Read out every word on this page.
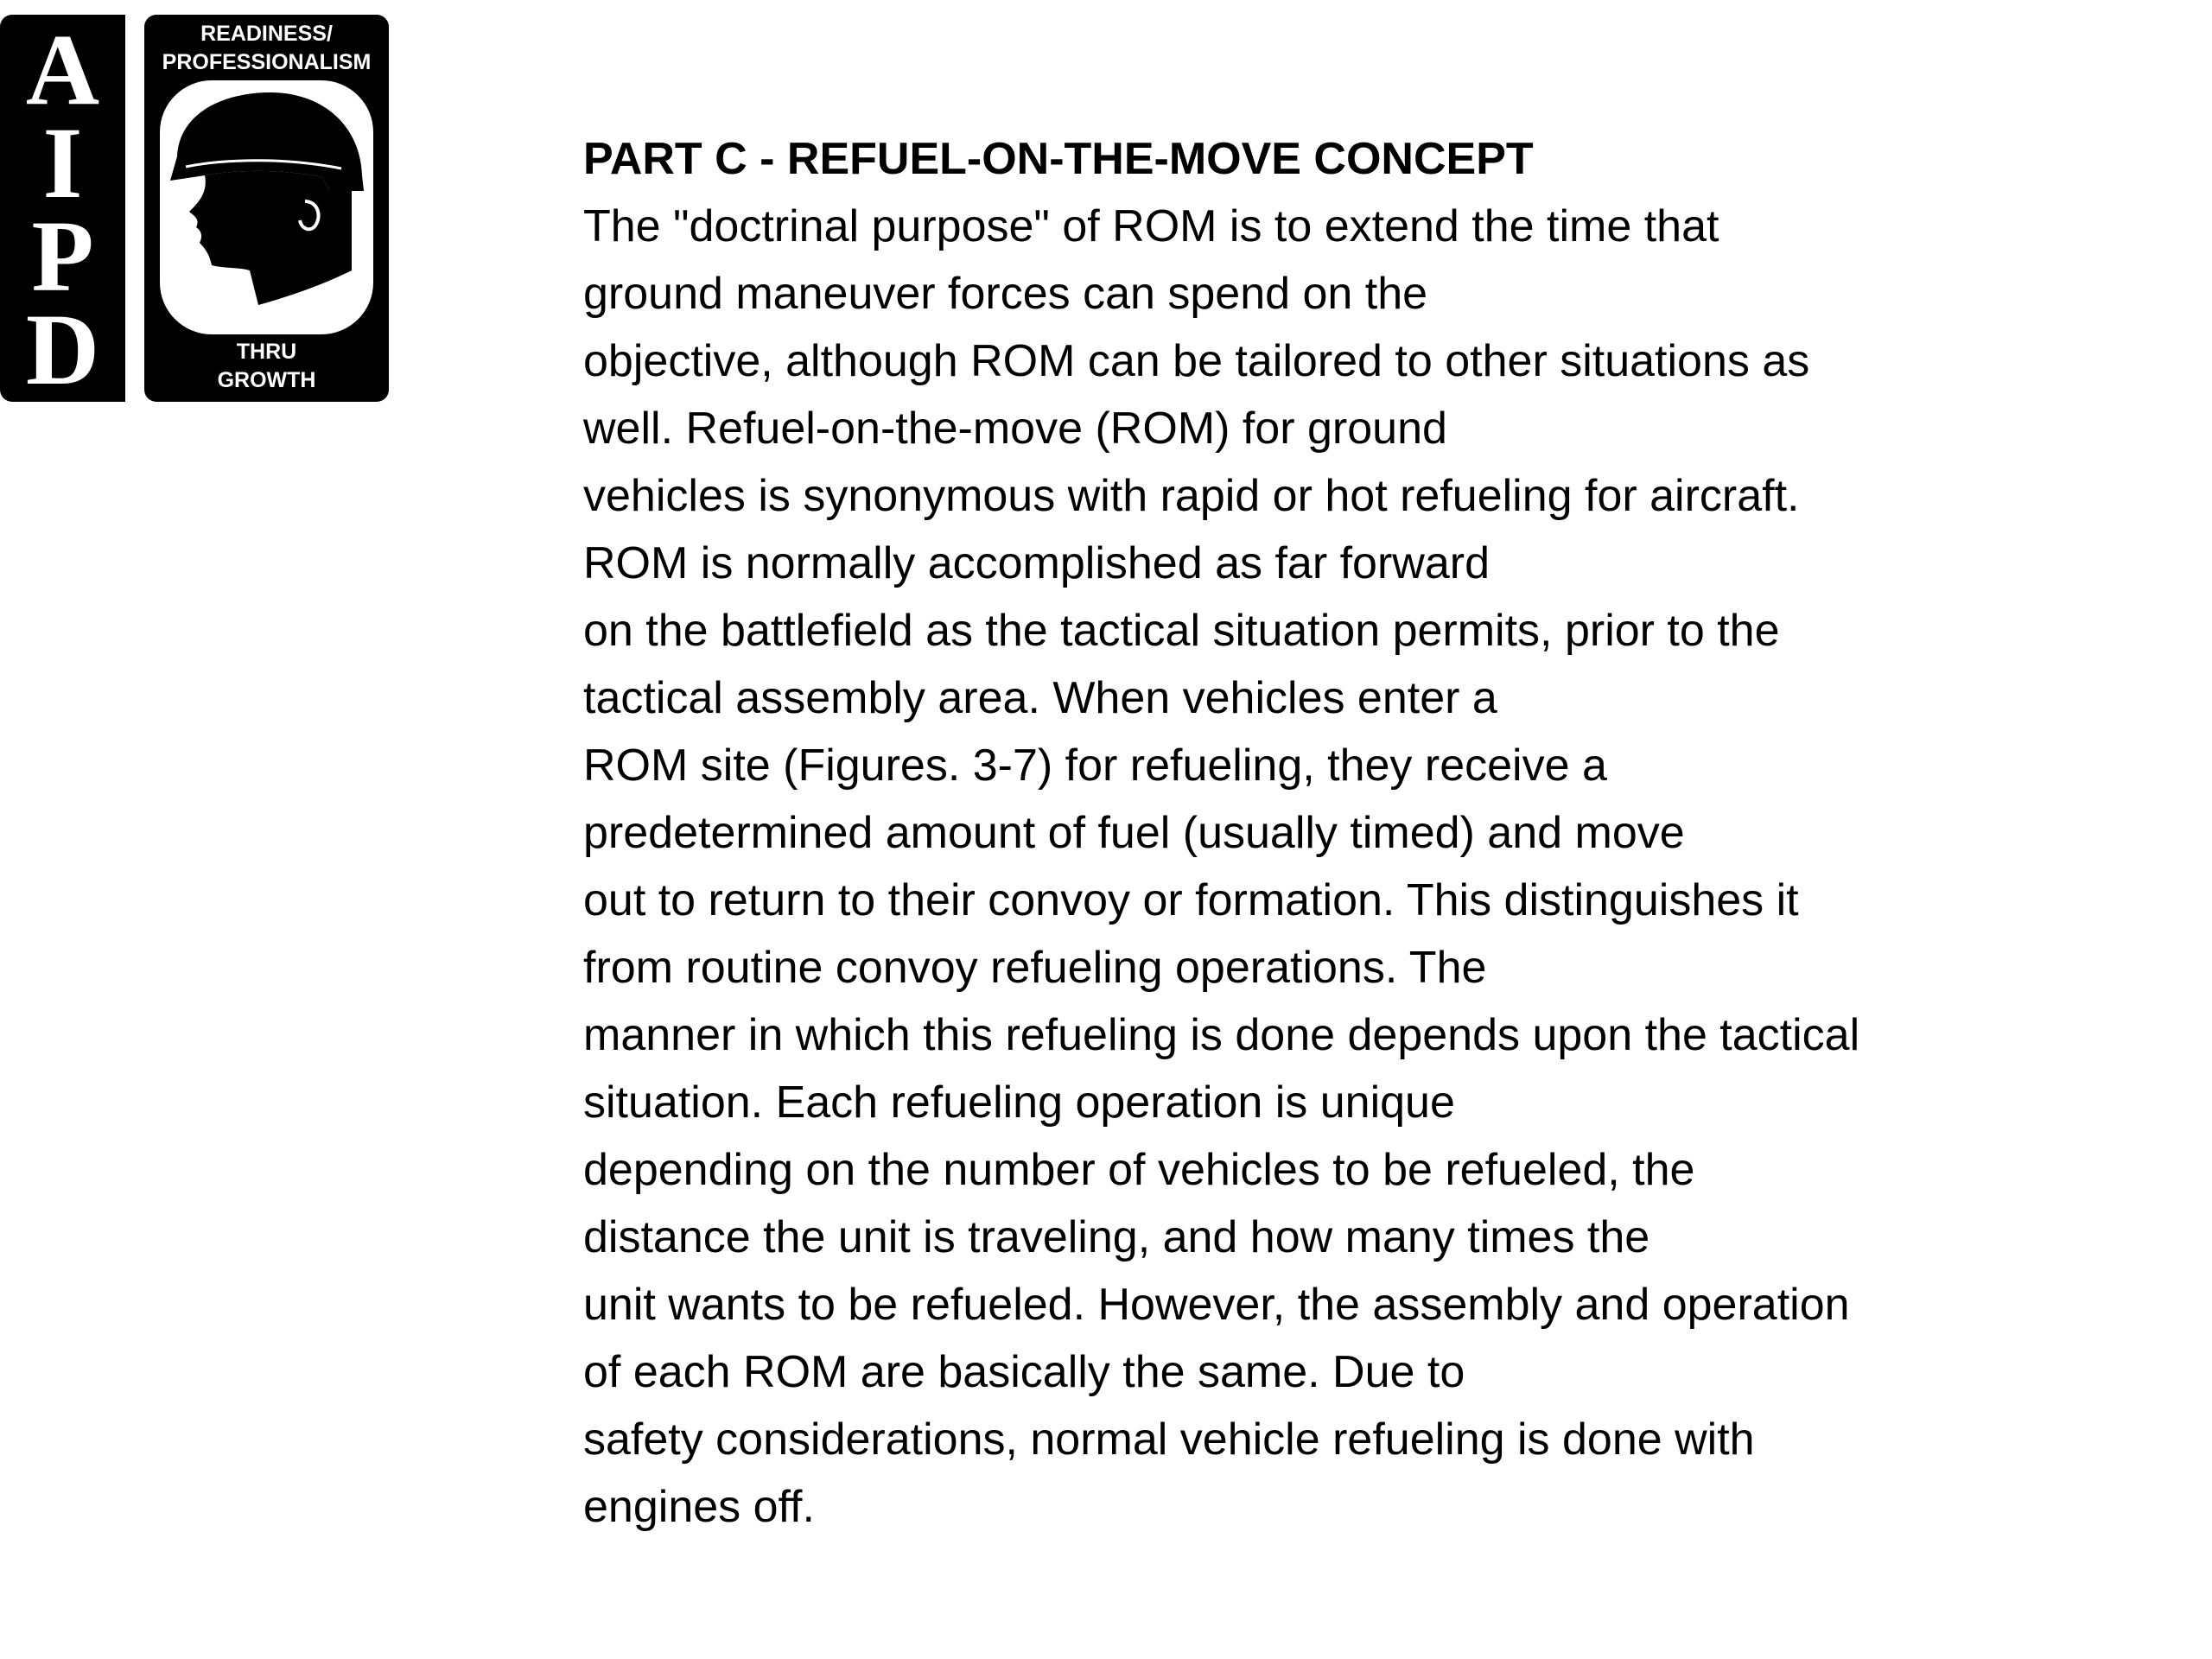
A
I
P
D
READINESS/
PROFESSIONALISM
THRU
GROWTH
PART C - REFUEL-ON-THE-MOVE CONCEPT
The "doctrinal purpose" of ROM is to extend the time that
ground maneuver forces can spend on the
objective, although ROM can be tailored to other situations as
well. Refuel-on-the-move (ROM) for ground
vehicles is synonymous with rapid or hot refueling for aircraft.
ROM is normally accomplished as far forward
on the battlefield as the tactical situation permits, prior to the
tactical assembly area. When vehicles enter a
ROM site (Figures. 3-7) for refueling, they receive a
predetermined amount of fuel (usually timed) and move
out to return to their convoy or formation. This distinguishes it
from routine convoy refueling operations. The
manner in which this refueling is done depends upon the tactical
situation. Each refueling operation is unique
depending on the number of vehicles to be refueled, the
distance the unit is traveling, and how many times the
unit wants to be refueled. However, the assembly and operation
of each ROM are basically the same. Due to
safety considerations, normal vehicle refueling is done with
engines off.
